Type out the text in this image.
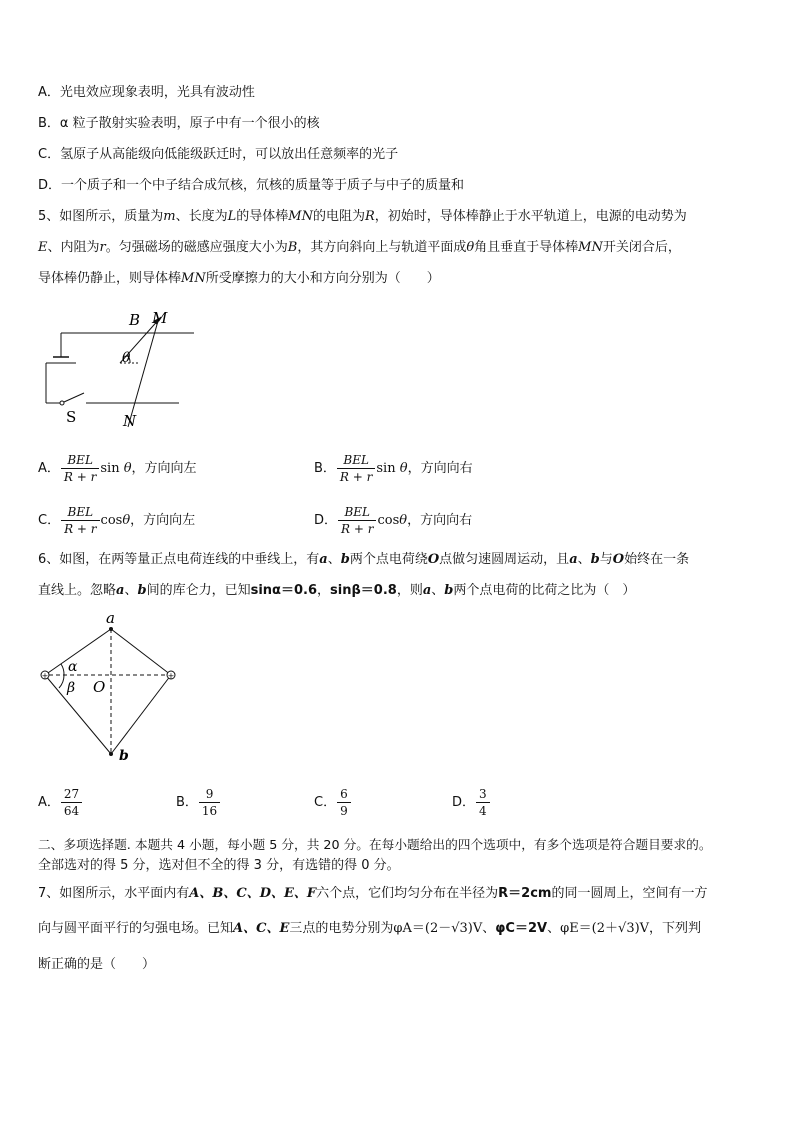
A．光电效应现象表明，光具有波动性
B．α 粒子散射实验表明，原子中有一个很小的核
C．氢原子从高能级向低能级跃迁时，可以放出任意频率的光子
D．一个质子和一个中子结合成氘核，氘核的质量等于质子与中子的质量和
5、如图所示，质量为m、长度为L的导体棒MN的电阻为R，初始时，导体棒静止于水平轨道上，电源的电动势为
E、内阻为r。匀强磁场的磁感应强度大小为B，其方向斜向上与轨道平面成θ角且垂直于导体棒MN开关闭合后，
导体棒仍静止，则导体棒MN所受摩擦力的大小和方向分别为（　　）
B M
θ
S	N
A． $\frac{\text{BEL}}{R + r}$ sin θ，方向向左	B． $\frac{\text{BEL}}{R + r}$ sin θ，方向向右
C． $\frac{\text{BEL}}{R + r}$ cosθ，方向向左	D． $\frac{\text{BEL}}{R + r}$ cosθ，方向向右
6、如图，在两等量正点电荷连线的中垂线上，有a、b两个点电荷绕O点做匀速圆周运动，且a、b与O始终在一条
直线上。忽略a、b间的库仑力，已知sinα＝0.6，sinβ＝0.8，则a、b两个点电荷的比荷之比为（　）
+	+
a
α
β O
b
A． $\frac{27}{64}$	B． $\frac{9}{16}$	C． $\frac{6}{9}$	D． $\frac{3}{4}$
二、多项选择题. 本题共 4 小题，每小题 5 分，共 20 分。在每小题给出的四个选项中，有多个选项是符合题目要求的。
全部选对的得 5 分，选对但不全的得 3 分，有选错的得 0 分。
7、如图所示，水平面内有A、B、C、D、E、F六个点，它们均匀分布在半径为R＝2cm的同一圆周上，空间有一方
向与圆平面平行的匀强电场。已知A、C、E三点的电势分别为φA＝(2－√3)V、φC＝2V、φE＝(2＋√3)V，下列判
断正确的是（　　）
